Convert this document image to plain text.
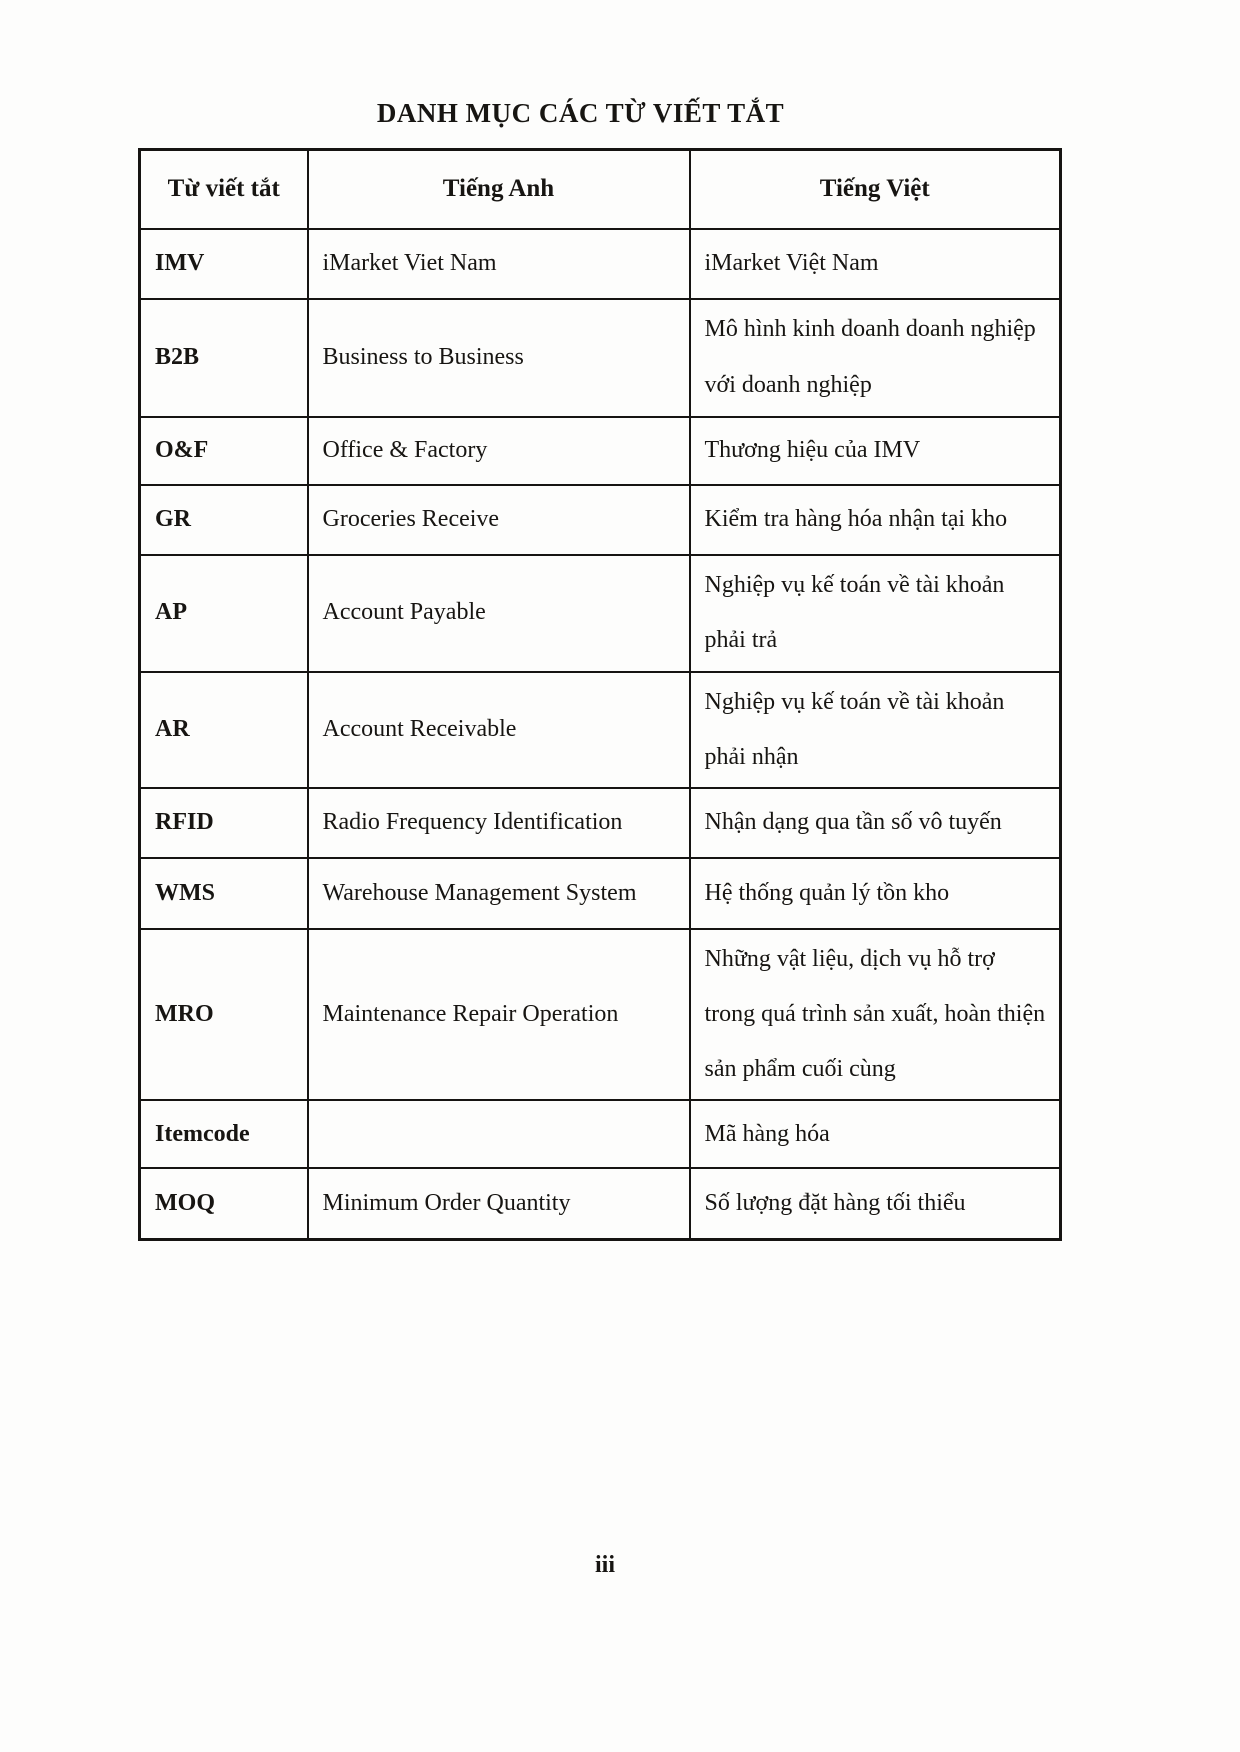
DANH MỤC CÁC TỪ VIẾT TẮT
Từ viết tắt	Tiếng Anh	Tiếng Việt
IMV	iMarket Viet Nam	iMarket Việt Nam
B2B	Business to Business	Mô hình kinh doanh doanh nghiệp với doanh nghiệp
O&F	Office & Factory	Thương hiệu của IMV
GR	Groceries Receive	Kiểm tra hàng hóa nhận tại kho
AP	Account Payable	Nghiệp vụ kế toán về tài khoản phải trả
AR	Account Receivable	Nghiệp vụ kế toán về tài khoản phải nhận
RFID	Radio Frequency Identification	Nhận dạng qua tần số vô tuyến
WMS	Warehouse Management System	Hệ thống quản lý tồn kho
MRO	Maintenance Repair Operation	Những vật liệu, dịch vụ hỗ trợ trong quá trình sản xuất, hoàn thiện sản phẩm cuối cùng
Itemcode		Mã hàng hóa
MOQ	Minimum Order Quantity	Số lượng đặt hàng tối thiểu
iii
